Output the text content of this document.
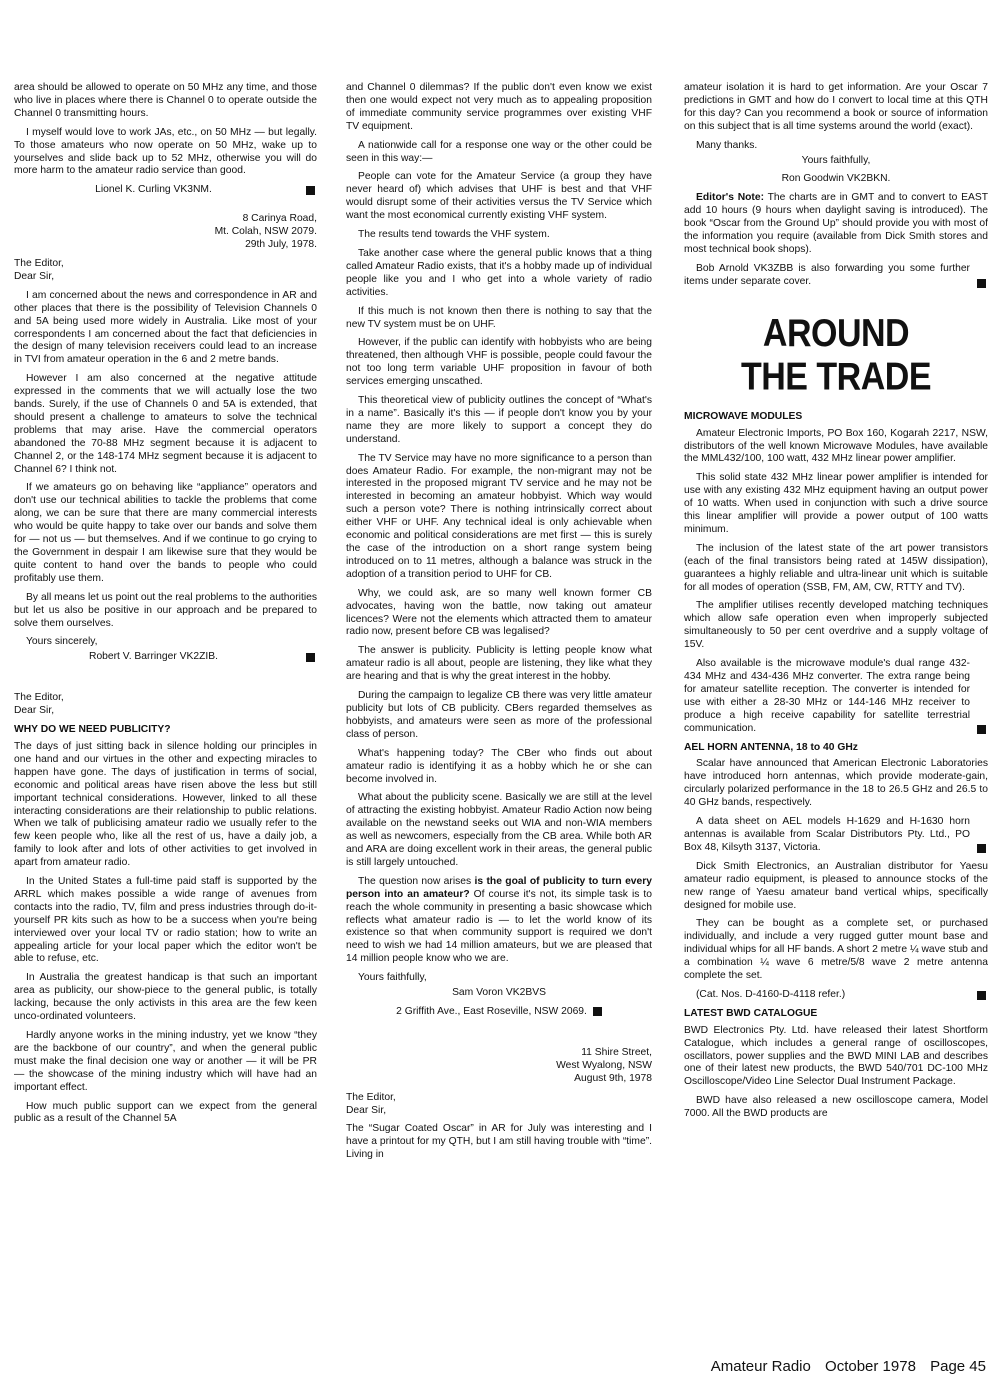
area should be allowed to operate on 50 MHz any time, and those who live in places where there is Channel 0 to operate outside the Channel 0 transmitting hours.

I myself would love to work JAs, etc., on 50 MHz — but legally. To those amateurs who now operate on 50 MHz, wake up to yourselves and slide back up to 52 MHz, otherwise you will do more harm to the amateur radio service than good.

Lionel K. Curling VK3NM.
8 Carinya Road,
Mt. Colah, NSW 2079.
29th July, 1978.
The Editor,
Dear Sir,

I am concerned about the news and correspondence in AR and other places that there is the possibility of Television Channels 0 and 5A being used more widely in Australia. Like most of your correspondents I am concerned about the fact that deficiencies in the design of many television receivers could lead to an increase in TVI from amateur operation in the 6 and 2 metre bands.

However I am also concerned at the negative attitude expressed in the comments that we will actually lose the two bands. Surely, if the use of Channels 0 and 5A is extended, that should present a challenge to amateurs to solve the technical problems that may arise. Have the commercial operators abandoned the 70-88 MHz segment because it is adjacent to Channel 2, or the 148-174 MHz segment because it is adjacent to Channel 6? I think not.

If we amateurs go on behaving like “appliance” operators and don't use our technical abilities to tackle the problems that come along, we can be sure that there are many commercial interests who would be quite happy to take over our bands and solve them for — not us — but themselves. And if we continue to go crying to the Government in despair I am likewise sure that they would be quite content to hand over the bands to people who could profitably use them.

By all means let us point out the real problems to the authorities but let us also be positive in our approach and be prepared to solve them ourselves.

Yours sincerely,
Robert V. Barringer VK2ZIB.
The Editor,
Dear Sir,
WHY DO WE NEED PUBLICITY?

The days of just sitting back in silence holding our principles in one hand and our virtues in the other and expecting miracles to happen have gone. The days of justification in terms of social, economic and political areas have risen above the less but still important technical considerations. However, linked to all these interacting considerations are their relationship to public relations. When we talk of publicising amateur radio we usually refer to the few keen people who, like all the rest of us, have a daily job, a family to look after and lots of other activities to get involved in apart from amateur radio.

In the United States a full-time paid staff is supported by the ARRL which makes possible a wide range of avenues from contacts into the radio, TV, film and press industries through do-it-yourself PR kits such as how to be a success when you're being interviewed over your local TV or radio station; how to write an appealing article for your local paper which the editor won't be able to refuse, etc.

In Australia the greatest handicap is that such an important area as publicity, our show-piece to the general public, is totally lacking, because the only activists in this area are the few keen unco-ordinated volunteers.

Hardly anyone works in the mining industry, yet we know “they are the backbone of our country”, and when the general public must make the final decision one way or another — it will be PR — the showcase of the mining industry which will have had an important effect.

How much public support can we expect from the general public as a result of the Channel 5A

and Channel 0 dilemmas? If the public don't even know we exist then one would expect not very much as to appealing proposition of immediate community service programmes over existing VHF TV equipment.

A nationwide call for a response one way or the other could be seen in this way:—

People can vote for the Amateur Service (a group they have never heard of) which advises that UHF is best and that VHF would disrupt some of their activities versus the TV Service which want the most economical currently existing VHF system.

The results tend towards the VHF system.

Take another case where the general public knows that a thing called Amateur Radio exists, that it's a hobby made up of individual people like you and I who get into a whole variety of radio activities.

If this much is not known then there is nothing to say that the new TV system must be on UHF.

However, if the public can identify with hobbyists who are being threatened, then although VHF is possible, people could favour the not too long term variable UHF proposition in favour of both services emerging unscathed.

This theoretical view of publicity outlines the concept of “What's in a name”. Basically it's this — if people don't know you by your name they are more likely to support a concept they do understand.

The TV Service may have no more significance to a person than does Amateur Radio. For example, the non-migrant may not be interested in the proposed migrant TV service and he may not be interested in becoming an amateur hobbyist. Which way would such a person vote? There is nothing intrinsically correct about either VHF or UHF. Any technical ideal is only achievable when economic and political considerations are met first — this is surely the case of the introduction on a short range system being introduced on to 11 metres, although a balance was struck in the adoption of a transition period to UHF for CB.

Why, we could ask, are so many well known former CB advocates, having won the battle, now taking out amateur licences? Were not the elements which attracted them to amateur radio now, present before CB was legalised?

The answer is publicity. Publicity is letting people know what amateur radio is all about, people are listening, they like what they are hearing and that is why the great interest in the hobby.

During the campaign to legalize CB there was very little amateur publicity but lots of CB publicity. CBers regarded themselves as hobbyists, and amateurs were seen as more of the professional class of person.

What's happening today? The CBer who finds out about amateur radio is identifying it as a hobby which he or she can become involved in.

What about the publicity scene. Basically we are still at the level of attracting the existing hobbyist. Amateur Radio Action now being available on the newstand seeks out WIA and non-WIA members as well as newcomers, especially from the CB area. While both AR and ARA are doing excellent work in their areas, the general public is still largely untouched.

The question now arises is the goal of publicity to turn every person into an amateur? Of course it's not, its simple task is to reach the whole community in presenting a basic showcase which reflects what amateur radio is — to let the world know of its existence so that when community support is required we don't need to wish we had 14 million amateurs, but we are pleased that 14 million people know who we are.

Yours faithfully,
Sam Voron VK2BVS
2 Griffith Ave., East Roseville, NSW 2069.
11 Shire Street,
West Wyalong, NSW
August 9th, 1978
The Editor,
Dear Sir,

The “Sugar Coated Oscar” in AR for July was interesting and I have a printout for my QTH, but I am still having trouble with “time”. Living in

amateur isolation it is hard to get information. Are your Oscar 7 predictions in GMT and how do I convert to local time at this QTH for this day? Can you recommend a book or source of information on this subject that is all time systems around the world (exact).

Many thanks.
Yours faithfully,
Ron Goodwin VK2BKN.

Editor's Note: The charts are in GMT and to convert to EAST add 10 hours (9 hours when daylight saving is introduced). The book “Oscar from the Ground Up” should provide you with most of the information you require (available from Dick Smith stores and most technical book shops).

Bob Arnold VK3ZBB is also forwarding you some further items under separate cover.

AROUND
THE TRADE
MICROWAVE MODULES

Amateur Electronic Imports, PO Box 160, Kogarah 2217, NSW, distributors of the well known Microwave Modules, have available the MML432/100, 100 watt, 432 MHz linear power amplifier.

This solid state 432 MHz linear power amplifier is intended for use with any existing 432 MHz equipment having an output power of 10 watts. When used in conjunction with such a drive source this linear amplifier will provide a power output of 100 watts minimum.

The inclusion of the latest state of the art power transistors (each of the final transistors being rated at 145W dissipation), guarantees a highly reliable and ultra-linear unit which is suitable for all modes of operation (SSB, FM, AM, CW, RTTY and TV).

The amplifier utilises recently developed matching techniques which allow safe operation even when improperly subjected simultaneously to 50 per cent overdrive and a supply voltage of 15V.

Also available is the microwave module's dual range 432-434 MHz and 434-436 MHz converter. The extra range being for amateur satellite reception. The converter is intended for use with either a 28-30 MHz or 144-146 MHz receiver to produce a high receive capability for satellite terrestrial communication.

AEL HORN ANTENNA, 18 to 40 GHz

Scalar have announced that American Electronic Laboratories have introduced horn antennas, which provide moderate-gain, circularly polarized performance in the 18 to 26.5 GHz and 26.5 to 40 GHz bands, respectively.

A data sheet on AEL models H-1629 and H-1630 horn antennas is available from Scalar Distributors Pty. Ltd., PO Box 48, Kilsyth 3137, Victoria.

Dick Smith Electronics, an Australian distributor for Yaesu amateur radio equipment, is pleased to announce stocks of the new range of Yaesu amateur band vertical whips, specifically designed for mobile use.

They can be bought as a complete set, or purchased individually, and include a very rugged gutter mount base and individual whips for all HF bands. A short 2 metre ¼ wave stub and a combination ¼ wave 6 metre/5/8 wave 2 metre antenna complete the set.

(Cat. Nos. D-4160-D-4118 refer.)

LATEST BWD CATALOGUE

BWD Electronics Pty. Ltd. have released their latest Shortform Catalogue, which includes a general range of oscilloscopes, oscillators, power supplies and the BWD MINI LAB and describes one of their latest new products, the BWD 540/701 DC-100 MHz Oscilloscope/Video Line Selector Dual Instrument Package.

BWD have also released a new oscilloscope camera, Model 7000. All the BWD products are

Amateur Radio October 1978 Page 45
